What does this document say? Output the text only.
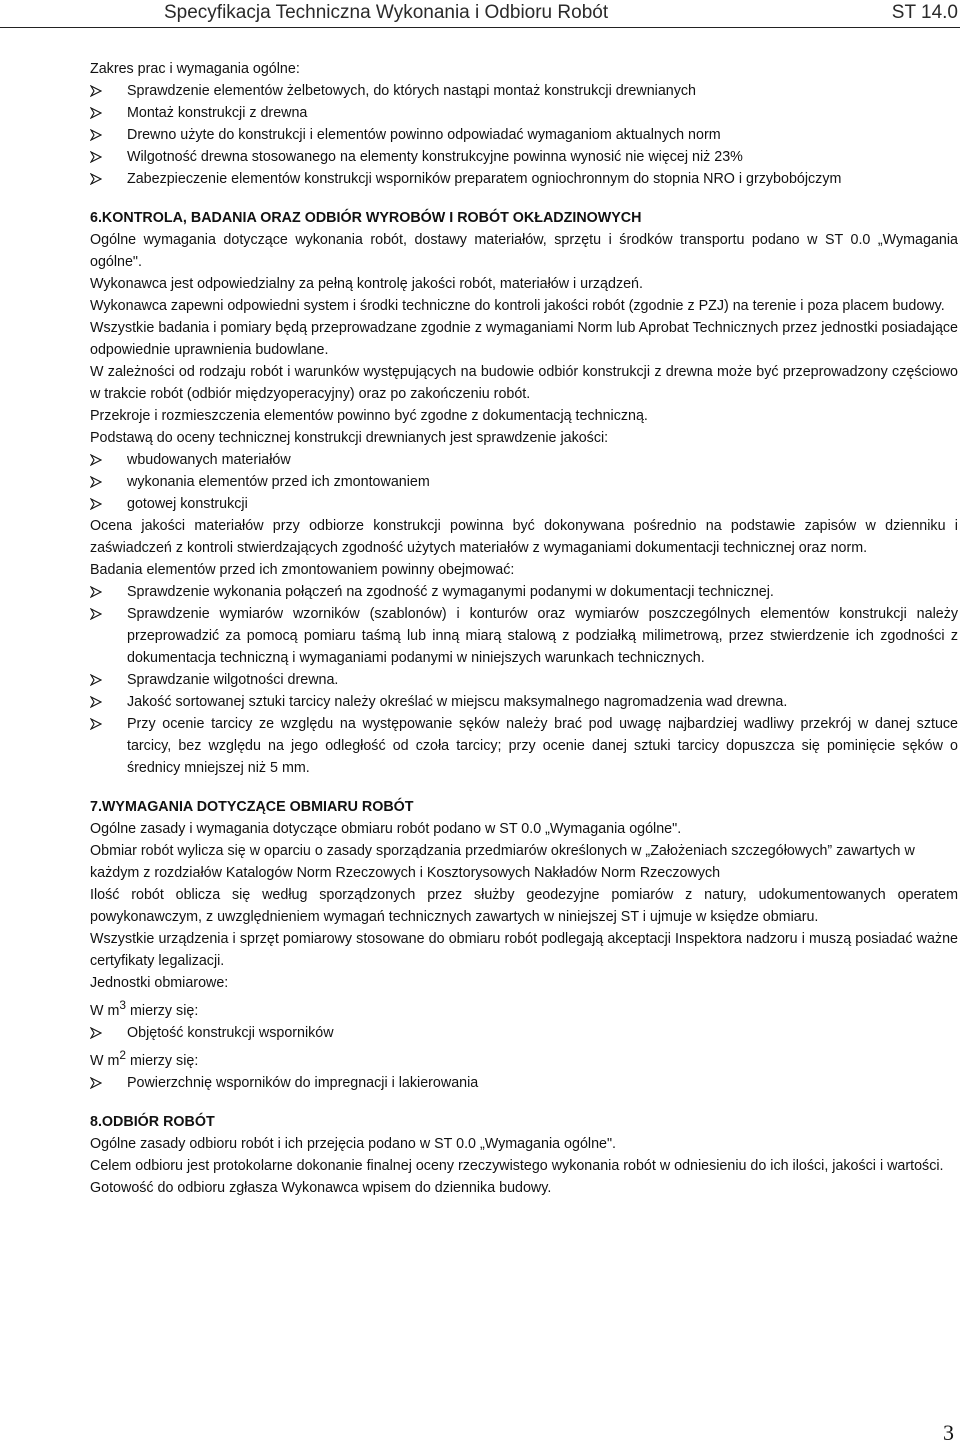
Specyfikacja Techniczna Wykonania i Odbioru Robót	ST 14.0

Zakres prac i wymagania ogólne:

Sprawdzenie elementów żelbetowych, do których nastąpi montaż konstrukcji drewnianych
Montaż konstrukcji z drewna
Drewno użyte do konstrukcji i elementów powinno odpowiadać wymaganiom aktualnych norm
Wilgotność drewna stosowanego na elementy konstrukcyjne powinna wynosić nie więcej niż 23%
Zabezpieczenie elementów konstrukcji wsporników preparatem ogniochronnym do stopnia NRO i grzybobójczym

6.KONTROLA, BADANIA ORAZ ODBIÓR WYROBÓW I ROBÓT OKŁADZINOWYCH

Ogólne wymagania dotyczące wykonania robót, dostawy materiałów, sprzętu i środków transportu podano w ST 0.0 „Wymagania ogólne".

Wykonawca jest odpowiedzialny za pełną kontrolę jakości robót, materiałów i urządzeń.

Wykonawca zapewni odpowiedni system i środki techniczne do kontroli jakości robót (zgodnie z PZJ) na terenie i poza placem budowy.

Wszystkie badania i pomiary będą przeprowadzane zgodnie z wymaganiami Norm lub Aprobat Technicznych przez jednostki posiadające odpowiednie uprawnienia budowlane.

W zależności od rodzaju robót i warunków występujących na budowie odbiór konstrukcji z drewna może być przeprowadzony częściowo w trakcie robót (odbiór międzyoperacyjny) oraz po zakończeniu robót.

Przekroje i rozmieszczenia elementów powinno być zgodne z dokumentacją techniczną.

Podstawą do oceny technicznej konstrukcji drewnianych jest sprawdzenie jakości:

wbudowanych materiałów
wykonania elementów przed ich zmontowaniem
gotowej konstrukcji

Ocena jakości materiałów przy odbiorze konstrukcji powinna być dokonywana pośrednio na podstawie zapisów w dzienniku i zaświadczeń z kontroli stwierdzających zgodność użytych materiałów z wymaganiami dokumentacji technicznej oraz norm.

Badania elementów przed ich zmontowaniem powinny obejmować:

Sprawdzenie wykonania połączeń na zgodność z wymaganymi podanymi w dokumentacji technicznej.
Sprawdzenie wymiarów wzorników (szablonów) i konturów oraz wymiarów poszczególnych elementów konstrukcji należy przeprowadzić za pomocą pomiaru taśmą lub inną miarą stalową z podziałką milimetrową, przez stwierdzenie ich zgodności z dokumentacja techniczną i wymaganiami podanymi w niniejszych warunkach technicznych.
Sprawdzanie wilgotności drewna.
Jakość sortowanej sztuki tarcicy należy określać w miejscu maksymalnego nagromadzenia wad drewna.
Przy ocenie tarcicy ze względu na występowanie sęków należy brać pod uwagę najbardziej wadliwy przekrój w danej sztuce tarcicy, bez względu na jego odległość od czoła tarcicy; przy ocenie danej sztuki tarcicy dopuszcza się pominięcie sęków o średnicy mniejszej niż 5 mm.

7.WYMAGANIA DOTYCZĄCE OBMIARU ROBÓT

Ogólne zasady i wymagania dotyczące obmiaru robót podano w ST 0.0 „Wymagania ogólne".

Obmiar robót wylicza się w oparciu o zasady sporządzania przedmiarów określonych w „Założeniach szczegółowych” zawartych w każdym z rozdziałów Katalogów Norm Rzeczowych i Kosztorysowych Nakładów Norm Rzeczowych

Ilość robót oblicza się według sporządzonych przez służby geodezyjne pomiarów z natury, udokumentowanych operatem powykonawczym, z uwzględnieniem wymagań technicznych zawartych w niniejszej ST i ujmuje w księdze obmiaru.

Wszystkie urządzenia i sprzęt pomiarowy stosowane do obmiaru robót podlegają akceptacji Inspektora nadzoru i muszą posiadać ważne certyfikaty legalizacji.

Jednostki obmiarowe:

W $m^3$ mierzy się:

Objętość konstrukcji wsporników

W $m^2$ mierzy się:

Powierzchnię wsporników do impregnacji i lakierowania

8.ODBIÓR ROBÓT

Ogólne zasady odbioru robót i ich przejęcia podano w ST 0.0 „Wymagania ogólne".

Celem odbioru jest protokolarne dokonanie finalnej oceny rzeczywistego wykonania robót w odniesieniu do ich ilości, jakości i wartości.

Gotowość do odbioru zgłasza Wykonawca wpisem do dziennika budowy.

3
